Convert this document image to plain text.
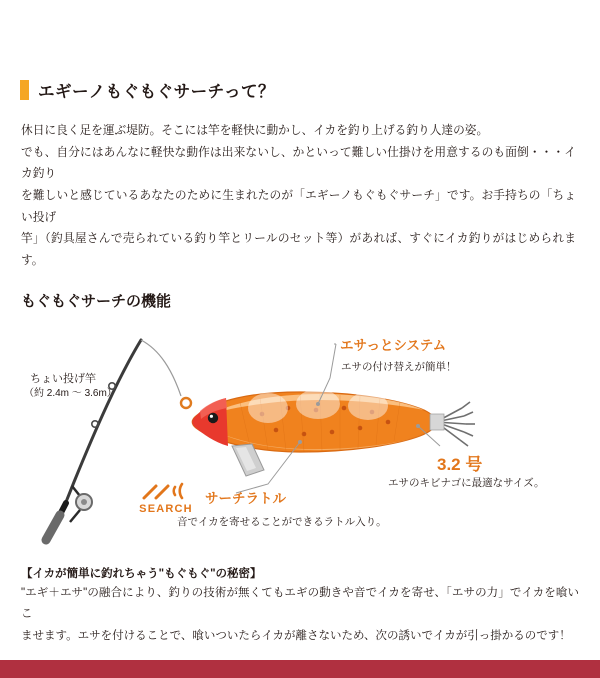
エギーノもぐもぐサーチって？
休日に良く足を運ぶ堤防。そこには竿を軽快に動かし、イカを釣り上げる釣り人達の姿。
でも、自分にはあんなに軽快な動作は出来ないし、かといって難しい仕掛けを用意するのも面倒・・・イカ釣り
を難しいと感じているあなたのために生まれたのが「エギーノもぐもぐサーチ」です。お手持ちの「ちょい投げ
竿」（釣具屋さんで売られている釣り竿とリールのセット等）があれば、すぐにイカ釣りがはじめられます。
もぐもぐサーチの機能
ちょい投げ竿
（約 2.4m ～ 3.6m）
エサっとシステム
エサの付け替えが簡単！
3.2 号
エサのキビナゴに最適なサイズ。
サーチラトル
音でイカを寄せることができるラトル入り。
SEARCH
【イカが簡単に釣れちゃう"もぐもぐ"の秘密】
"エギ＋エサ"の融合により、釣りの技術が無くてもエギの動きや音でイカを寄せ、「エサの力」でイカを喰いこ
ませます。エサを付けることで、喰いついたらイカが離さないため、次の誘いでイカが引っ掛かるのです！
